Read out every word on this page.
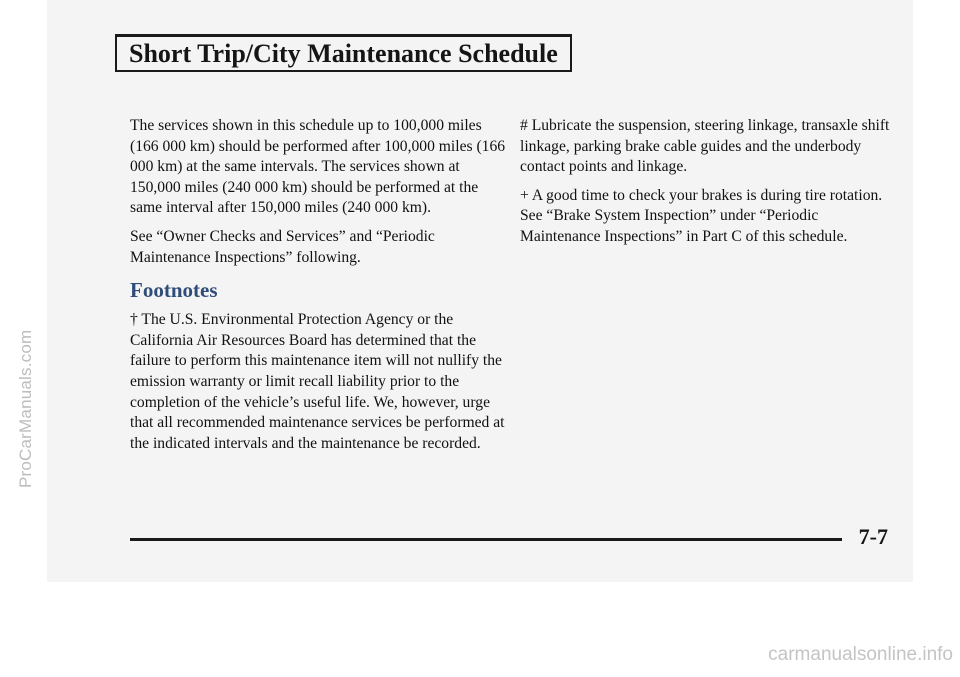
ProCarManuals.com
Short Trip/City Maintenance Schedule

The services shown in this schedule up to 100,000 miles (166 000 km) should be performed after 100,000 miles (166 000 km) at the same intervals. The services shown at 150,000 miles (240 000 km) should be performed at the same interval after 150,000 miles (240 000 km).

See “Owner Checks and Services” and “Periodic Maintenance Inspections” following.

Footnotes

† The U.S. Environmental Protection Agency or the California Air Resources Board has determined that the failure to perform this maintenance item will not nullify the emission warranty or limit recall liability prior to the completion of the vehicle’s useful life. We, however, urge that all recommended maintenance services be performed at the indicated intervals and the maintenance be recorded.

# Lubricate the suspension, steering linkage, transaxle shift linkage, parking brake cable guides and the underbody contact points and linkage.

+ A good time to check your brakes is during tire rotation. See “Brake System Inspection” under “Periodic Maintenance Inspections” in Part C of this schedule.

7-7
carmanualsonline.info
